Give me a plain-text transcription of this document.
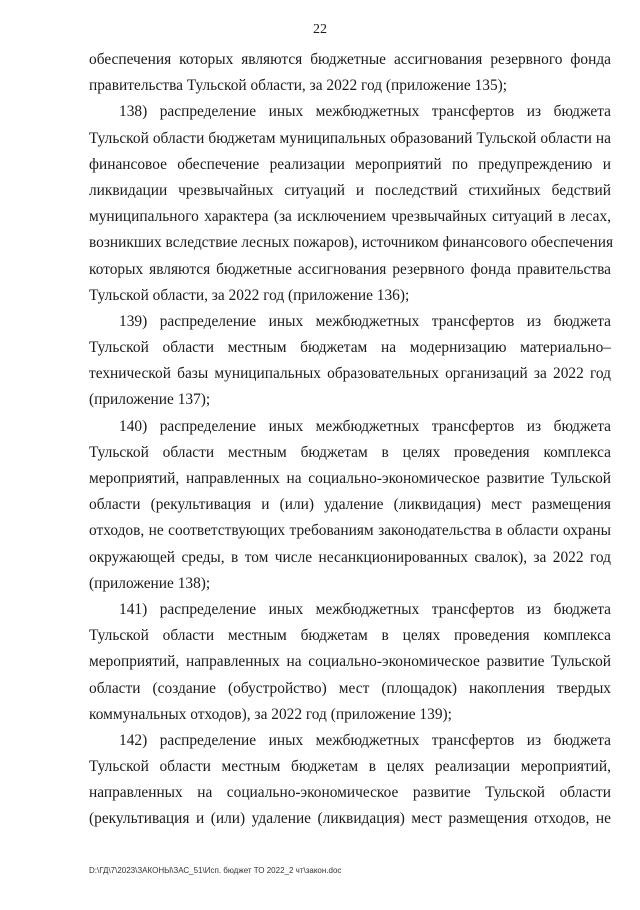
22
обеспечения которых являются бюджетные ассигнования резервного фонда
правительства Тульской области, за 2022 год (приложение 135);
138) распределение иных межбюджетных трансфертов из бюджета
Тульской области бюджетам муниципальных образований Тульской области на
финансовое обеспечение реализации мероприятий по предупреждению и
ликвидации чрезвычайных ситуаций и последствий стихийных бедствий
муниципального характера (за исключением чрезвычайных ситуаций в лесах,
возникших вследствие лесных пожаров), источником финансового обеспечения
которых являются бюджетные ассигнования резервного фонда правительства
Тульской области, за 2022 год (приложение 136);
139) распределение иных межбюджетных трансфертов из бюджета
Тульской области местным бюджетам на модернизацию материально–
технической базы муниципальных образовательных организаций за 2022 год
(приложение 137);
140) распределение иных межбюджетных трансфертов из бюджета
Тульской области местным бюджетам в целях проведения комплекса
мероприятий, направленных на социально-экономическое развитие Тульской
области (рекультивация и (или) удаление (ликвидация) мест размещения
отходов, не соответствующих требованиям законодательства в области охраны
окружающей среды, в том числе несанкционированных свалок), за 2022 год
(приложение 138);
141) распределение иных межбюджетных трансфертов из бюджета
Тульской области местным бюджетам в целях проведения комплекса
мероприятий, направленных на социально-экономическое развитие Тульской
области (создание (обустройство) мест (площадок) накопления твердых
коммунальных отходов), за 2022 год (приложение 139);
142) распределение иных межбюджетных трансфертов из бюджета
Тульской области местным бюджетам в целях реализации мероприятий,
направленных на социально-экономическое развитие Тульской области
(рекультивация и (или) удаление (ликвидация) мест размещения отходов, не
D:\ГД\7\2023\ЗАКОНЫ\ЗАС_51\Исп. бюджет ТО 2022_2 чт\закон.doc
